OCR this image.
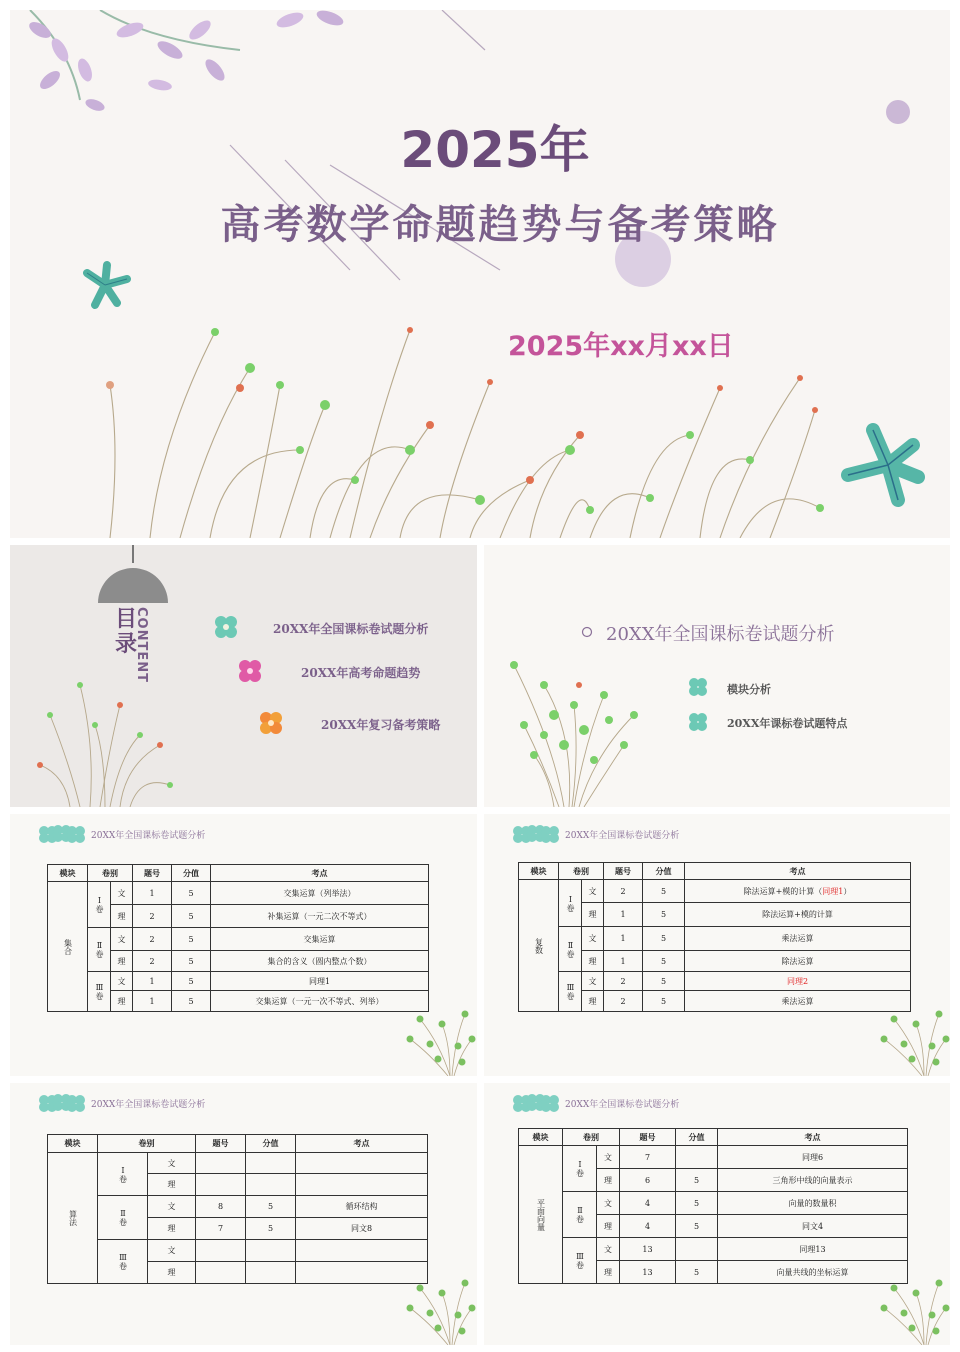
2025年
高考数学命题趋势与备考策略
2025年xx月xx日
目录
CONTENT	20XX年全国课标卷试题分析
20XX年高考命题趋势
20XX年复习备考策略
20XX年全国课标卷试题分析
模块分析
20XX年课标卷试题特点
20XX年全国课标卷试题分析
模块	卷别		题号	分值	考点

集合	Ⅰ卷	文	1	5	交集运算（列举法）
		理	2	5	补集运算（一元二次不等式）

	Ⅱ卷	文	2	5	交集运算
		理	2	5	集合的含义（圆内整点个数）

	Ⅲ卷	文	1	5	同理1
		理	1	5	交集运算（一元一次不等式、列举）
20XX年全国课标卷试题分析
模块	卷别		题号	分值	考点

复数	Ⅰ卷	文	2	5	除法运算+模的计算（同理1）
		理	1	5	除法运算+模的计算

	Ⅱ卷	文	1	5	乘法运算
		理	1	5	除法运算

	Ⅲ卷	文	2	5	同理2
		理	2	5	乘法运算
20XX年全国课标卷试题分析
模块	卷别		题号	分值	考点

算法	Ⅰ卷	文			
		理			

	Ⅱ卷	文	8	5	循环结构
		理	7	5	同文8

	Ⅲ卷	文			
		理			
20XX年全国课标卷试题分析
模块	卷别		题号	分值	考点

平面向量	Ⅰ卷	文	7		同理6
		理	6	5	三角形中线的向量表示

	Ⅱ卷	文	4	5	向量的数量积
		理	4	5	同文4

	Ⅲ卷	文	13		同理13
		理	13	5	向量共线的坐标运算
